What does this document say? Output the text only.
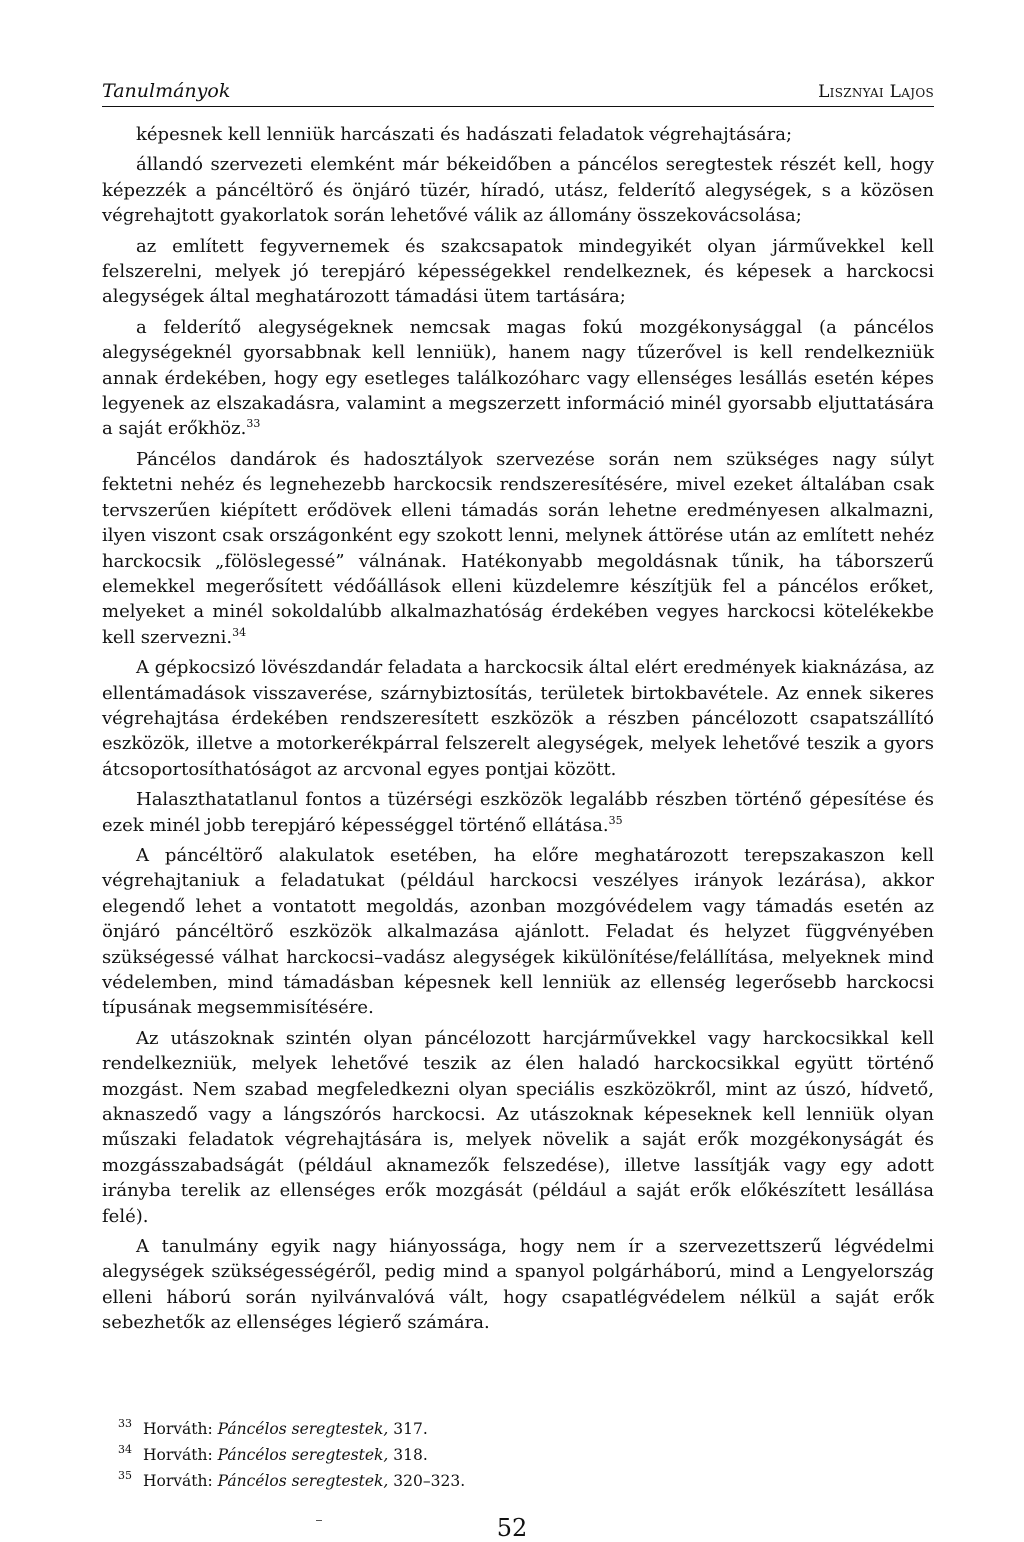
Tanulmányok	Lisznyai Lajos

képesnek kell lenniük harcászati és hadászati feladatok végrehajtására;

állandó szervezeti elemként már békeidőben a páncélos seregtestek részét kell, hogy képezzék a páncéltörő és önjáró tüzér, híradó, utász, felderítő alegységek, s a közösen végrehajtott gyakorlatok során lehetővé válik az állomány összekovácsolása;

az említett fegyvernemek és szakcsapatok mindegyikét olyan járművekkel kell felszerelni, melyek jó terepjáró képességekkel rendelkeznek, és képesek a harckocsi alegységek által meghatározott támadási ütem tartására;

a felderítő alegységeknek nemcsak magas fokú mozgékonysággal (a páncélos alegységeknél gyorsabbnak kell lenniük), hanem nagy tűzerővel is kell rendelkezniük annak érdekében, hogy egy esetleges találkozóharc vagy ellenséges lesállás esetén képes legyenek az elszakadásra, valamint a megszerzett információ minél gyorsabb eljuttatására a saját erőkhöz.$^{33}$

Páncélos dandárok és hadosztályok szervezése során nem szükséges nagy súlyt fektetni nehéz és legnehezebb harckocsik rendszeresítésére, mivel ezeket általában csak tervszerűen kiépített erődövek elleni támadás során lehetne eredményesen alkalmazni, ilyen viszont csak országonként egy szokott lenni, melynek áttörése után az említett nehéz harckocsik „fölöslegessé” válnának. Hatékonyabb megoldásnak tűnik, ha táborszerű elemekkel megerősített védőállások elleni küzdelemre készítjük fel a páncélos erőket, melyeket a minél sokoldalúbb alkalmazhatóság érdekében vegyes harckocsi kötelékekbe kell szervezni.$^{34}$

A gépkocsizó lövészdandár feladata a harckocsik által elért eredmények kiaknázása, az ellentámadások visszaverése, szárnybiztosítás, területek birtokbavétele. Az ennek sikeres végrehajtása érdekében rendszeresített eszközök a részben páncélozott csapatszállító eszközök, illetve a motorkerékpárral felszerelt alegységek, melyek lehetővé teszik a gyors átcsoportosíthatóságot az arcvonal egyes pontjai között.

Halaszthatatlanul fontos a tüzérségi eszközök legalább részben történő gépesítése és ezek minél jobb terepjáró képességgel történő ellátása.$^{35}$

A páncéltörő alakulatok esetében, ha előre meghatározott terepszakaszon kell végrehajtaniuk a feladatukat (például harckocsi veszélyes irányok lezárása), akkor elegendő lehet a vontatott megoldás, azonban mozgóvédelem vagy támadás esetén az önjáró páncéltörő eszközök alkalmazása ajánlott. Feladat és helyzet függvényében szükségessé válhat harckocsi–vadász alegységek kikülönítése/felállítása, melyeknek mind védelemben, mind támadásban képesnek kell lenniük az ellenség legerősebb harckocsi típusának megsemmisítésére.

Az utászoknak szintén olyan páncélozott harcjárművekkel vagy harckocsikkal kell rendelkezniük, melyek lehetővé teszik az élen haladó harckocsikkal együtt történő mozgást. Nem szabad megfeledkezni olyan speciális eszközökről, mint az úszó, hídvető, aknaszedő vagy a lángszórós harckocsi. Az utászoknak képeseknek kell lenniük olyan műszaki feladatok végrehajtására is, melyek növelik a saját erők mozgékonyságát és mozgásszabadságát (például aknamezők felszedése), illetve lassítják vagy egy adott irányba terelik az ellenséges erők mozgását (például a saját erők előkészített lesállása felé).

A tanulmány egyik nagy hiányossága, hogy nem ír a szervezettszerű légvédelmi alegységek szükségességéről, pedig mind a spanyol polgárháború, mind a Lengyelország elleni háború során nyilvánvalóvá vált, hogy csapatlégvédelem nélkül a saját erők sebezhetők az ellenséges légierő számára.

33 Horváth: Páncélos seregtestek, 317.
34 Horváth: Páncélos seregtestek, 318.
35 Horváth: Páncélos seregtestek, 320–323.
52
